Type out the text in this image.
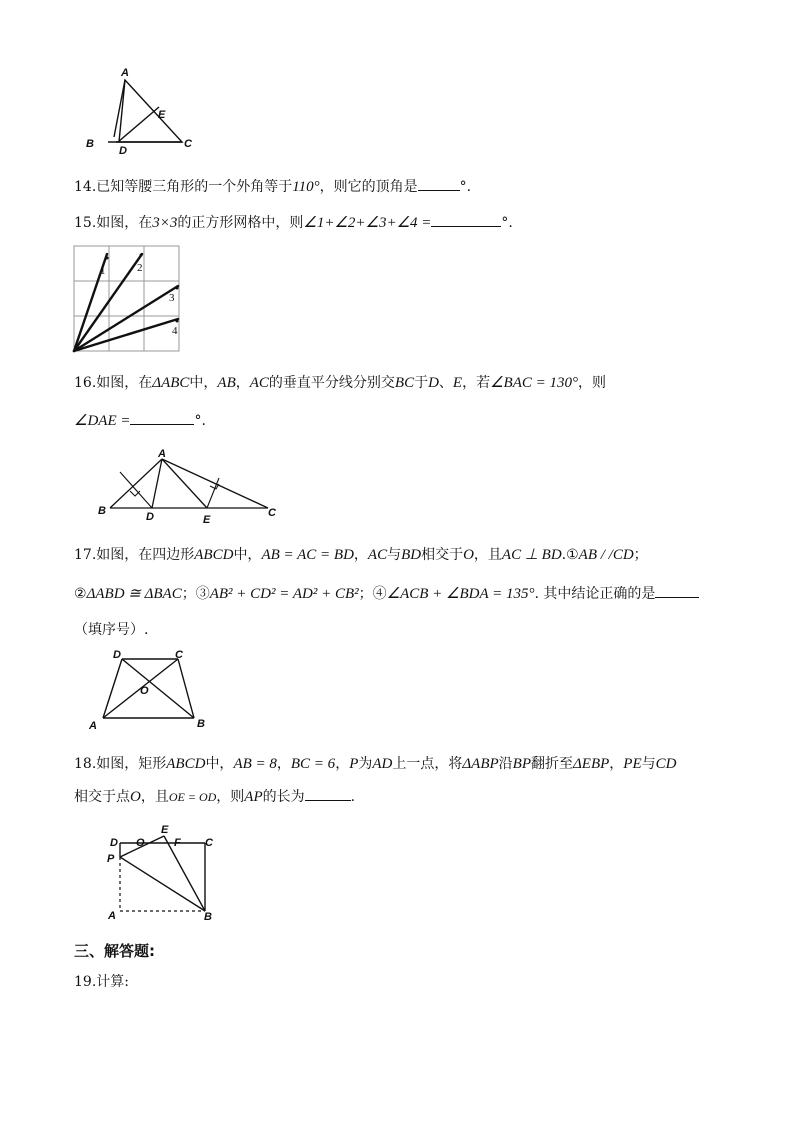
A
B	C
D
E
14.已知等腰三角形的一个外角等于110°，则它的顶角是	°.
15.如图，在3×3的正方形网格中，则∠1+∠2+∠3+∠4 =	°.
1	2
3
4
16.如图，在ΔABC中，AB，AC的垂直平分线分别交BC于D、E，若∠BAC = 130°，则
∠DAE =	°.
A
B	C
D	E
17.如图，在四边形ABCD中，AB = AC = BD，AC与BD相交于O，且AC ⊥ BD.①AB / /CD；
②ΔABD ≅ ΔBAC；③AB² + CD² = AD² + CB²；④∠ACB + ∠BDA = 135°. 其中结论正确的是
（填序号）.
D	C
O
A	B
18.如图，矩形ABCD中，AB = 8，BC = 6，P为AD上一点，将ΔABP沿BP翻折至ΔEBP，PE与CD
相交于点O，且OE = OD，则AP的长为	.
D O
E
F C
P
A	B
三、解答题:
19.计算:
